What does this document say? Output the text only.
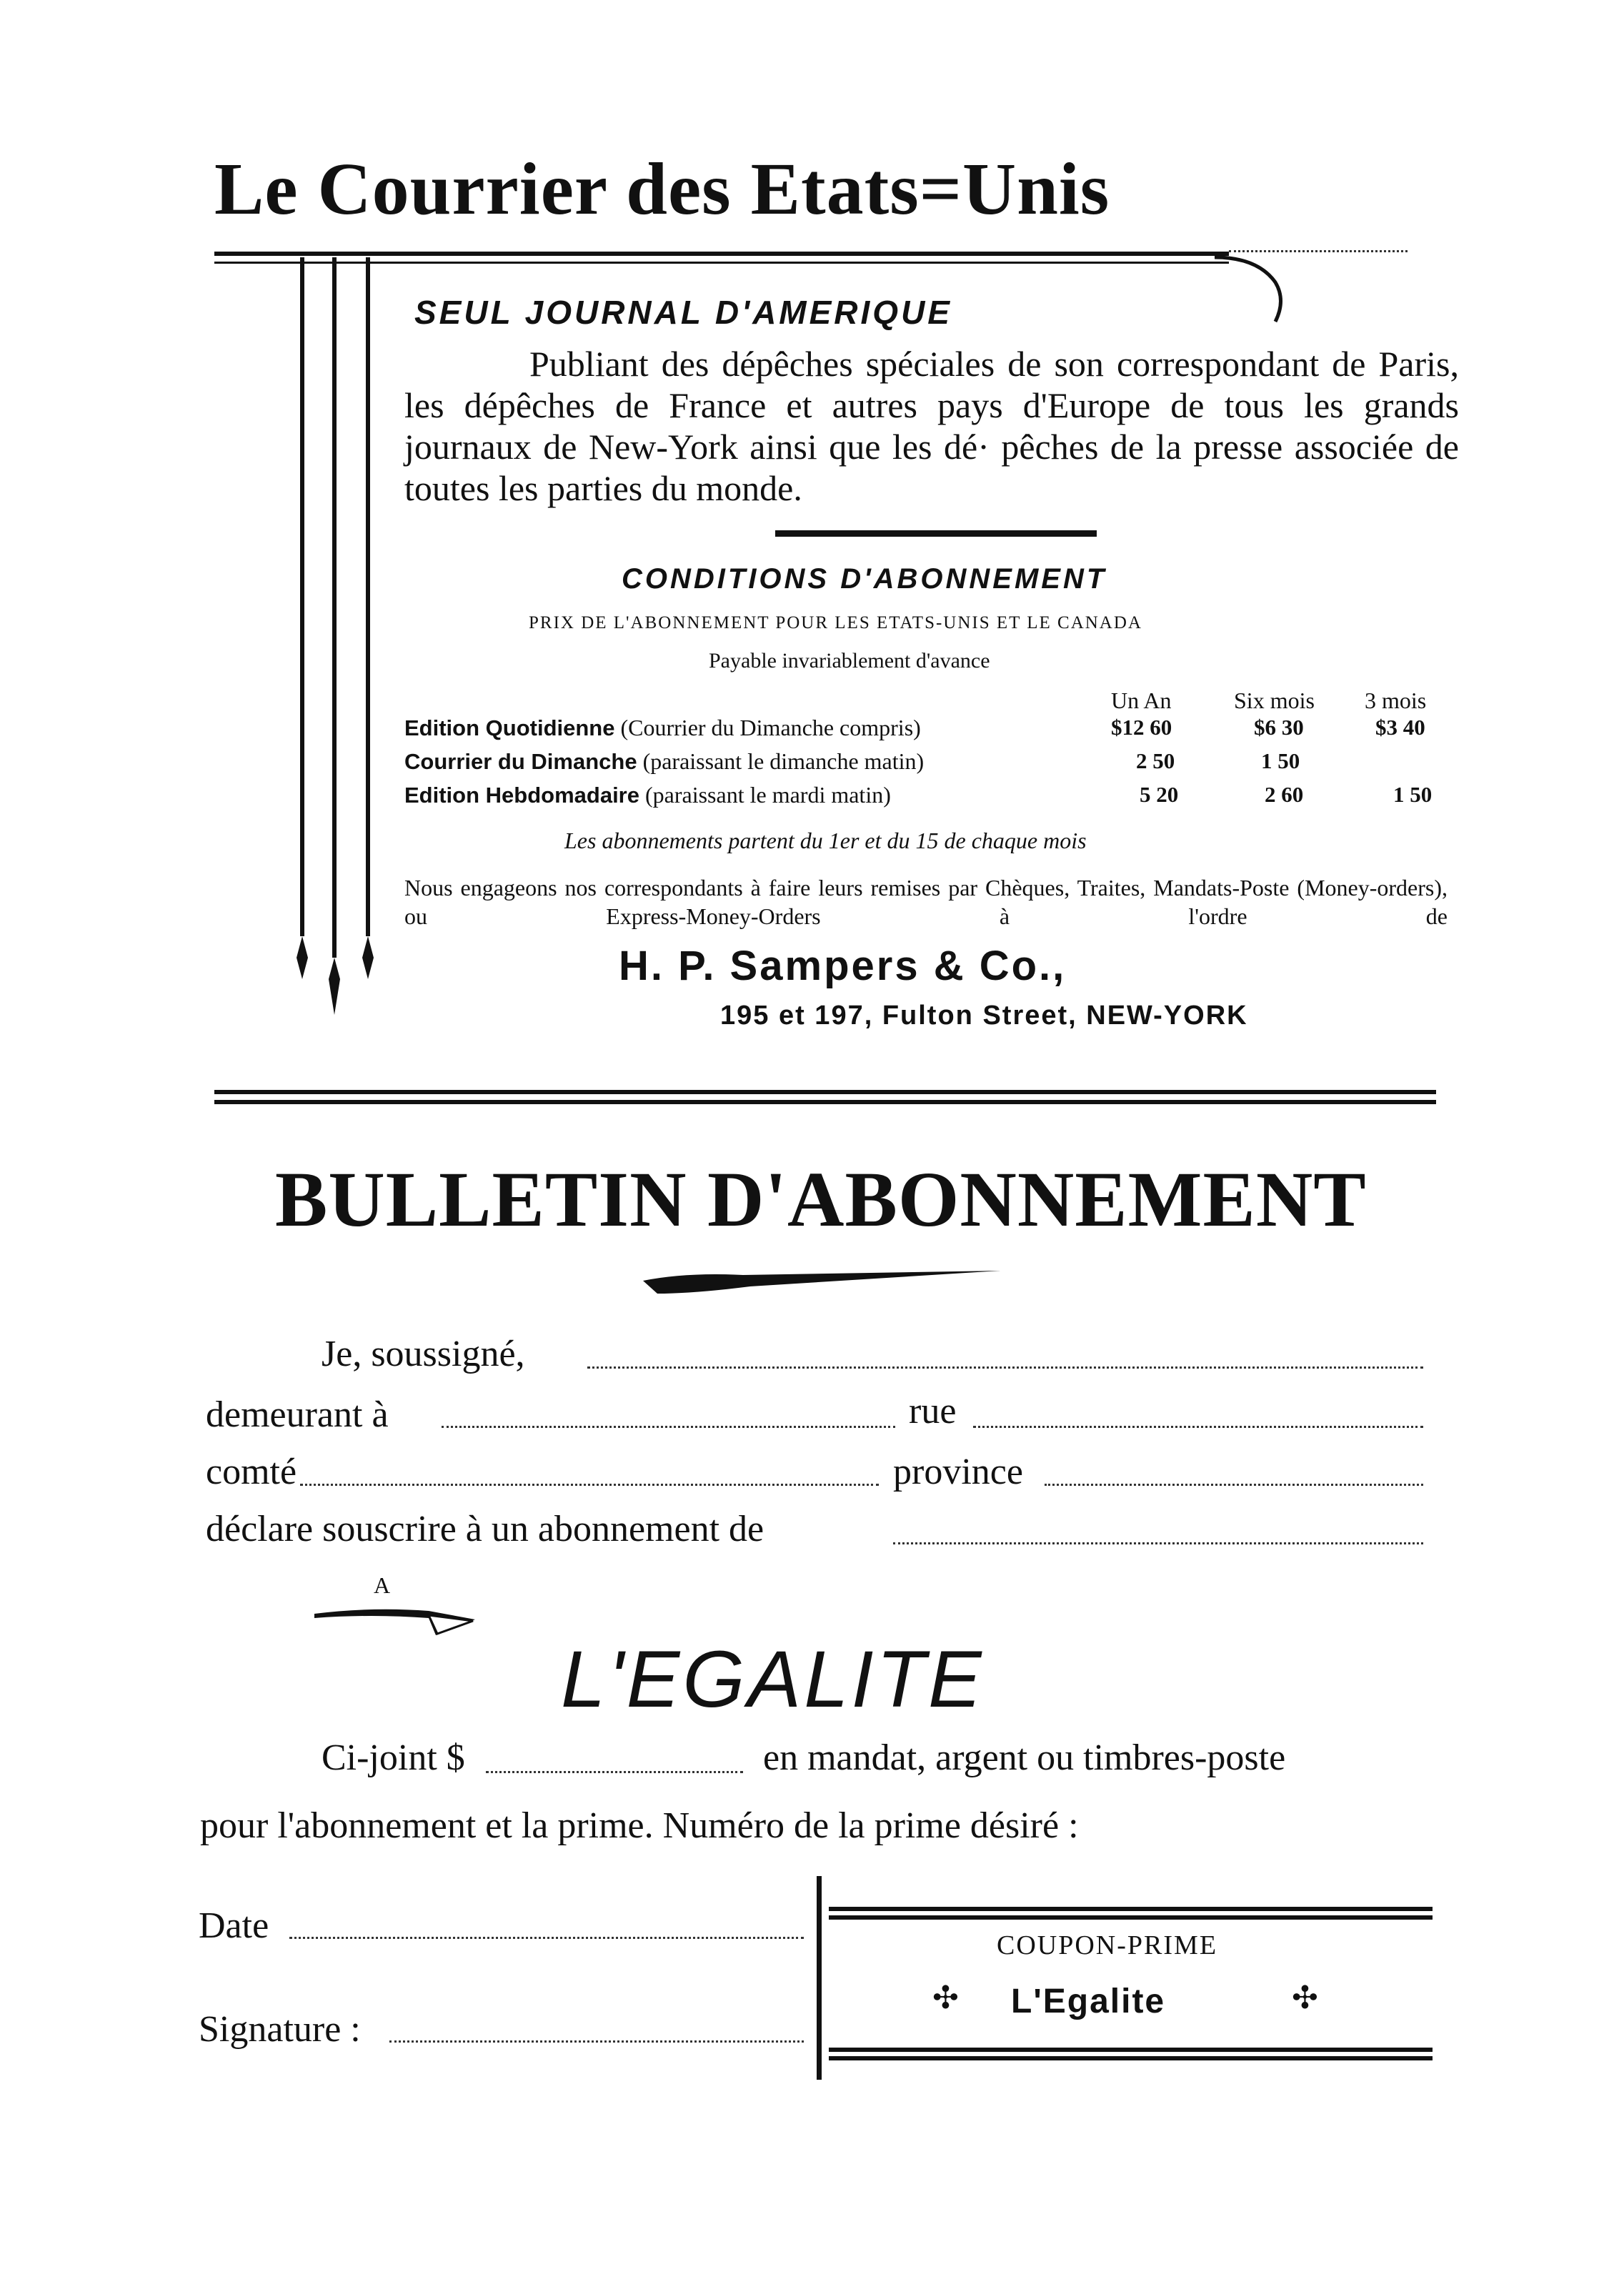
Le Courrier des Etats=Unis
SEUL JOURNAL D'AMERIQUE
Publiant des dépêches spéciales de son correspondant de Paris, les dépêches de France et autres pays d'Europe de tous les grands journaux de New-York ainsi que les dé· pêches de la presse associée de toutes les parties du monde.
CONDITIONS D'ABONNEMENT
PRIX DE L'ABONNEMENT POUR LES ETATS-UNIS ET LE CANADA
Payable invariablement d'avance
Un An	Six mois 3 mois
Edition Quotidienne (Courrier du Dimanche compris)	$12 60	$6 30	$3 40
Courrier du Dimanche (paraissant le dimanche matin)	2 50	1 50
Edition Hebdomadaire (paraissant le mardi matin)	5 20	2 60	1 50
Les abonnements partent du 1er et du 15 de chaque mois
Nous engageons nos correspondants à faire leurs remises par Chèques, Traites, Mandats-Poste (Money-orders), ou Express-Money-Orders à l'ordre de
H. P. Sampers & Co.,
195 et 197, Fulton Street, NEW-YORK
BULLETIN D'ABONNEMENT
Je, soussigné,
demeurant à	rue
comté	province
déclare souscrire à un abonnement de
A
L'EGALITE
Ci-joint $	en mandat, argent ou timbres-poste
pour l'abonnement et la prime. Numéro de la prime désiré :
Date
Signature :
COUPON-PRIME
✣ L'Egalite	✣
